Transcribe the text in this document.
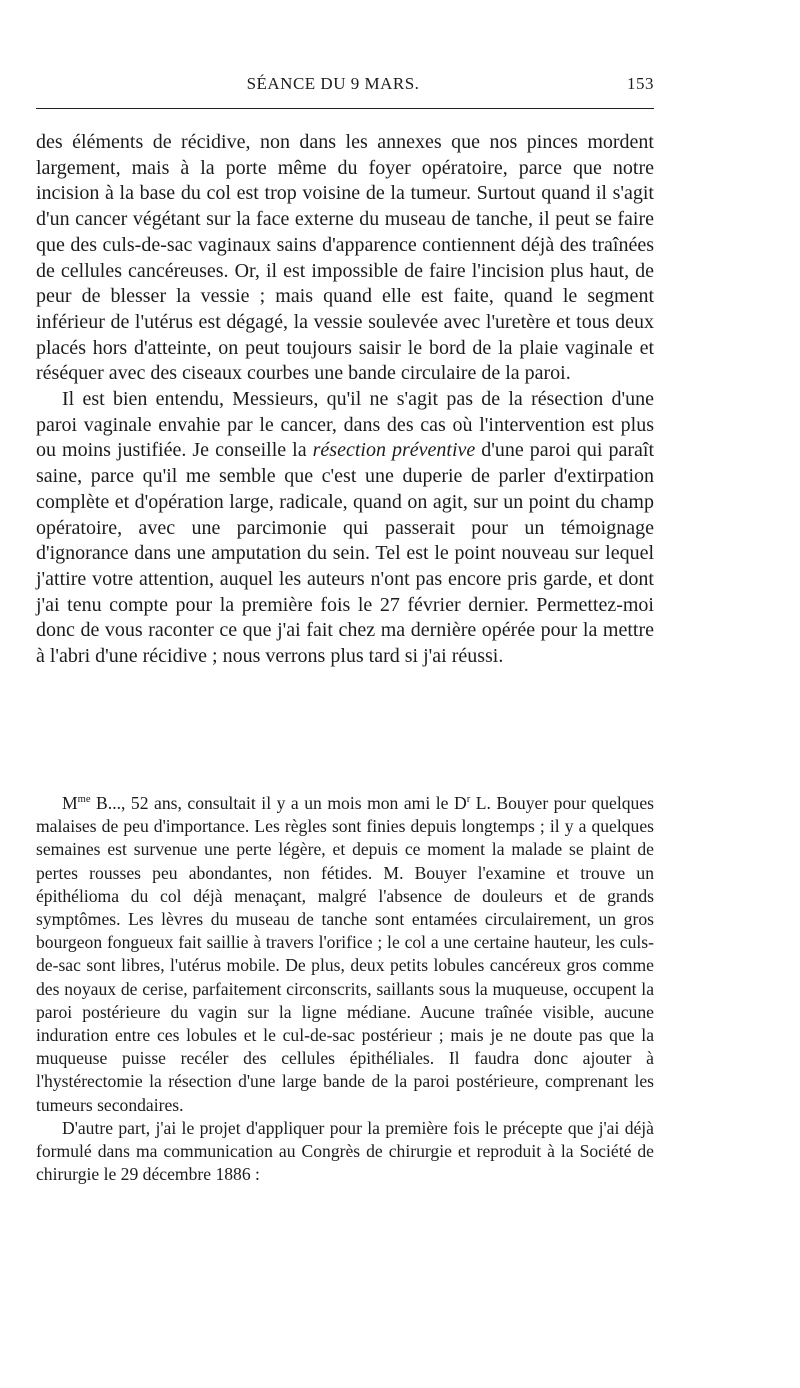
SÉANCE DU 9 MARS.	153

des éléments de récidive, non dans les annexes que nos pinces mordent largement, mais à la porte même du foyer opératoire, parce que notre incision à la base du col est trop voisine de la tumeur. Surtout quand il s'agit d'un cancer végétant sur la face externe du museau de tanche, il peut se faire que des culs-de-sac vaginaux sains d'apparence contiennent déjà des traînées de cellules cancéreuses. Or, il est impossible de faire l'incision plus haut, de peur de blesser la vessie ; mais quand elle est faite, quand le segment inférieur de l'utérus est dégagé, la vessie soulevée avec l'uretère et tous deux placés hors d'atteinte, on peut toujours saisir le bord de la plaie vaginale et réséquer avec des ciseaux courbes une bande circulaire de la paroi.

Il est bien entendu, Messieurs, qu'il ne s'agit pas de la résection d'une paroi vaginale envahie par le cancer, dans des cas où l'intervention est plus ou moins justifiée. Je conseille la résection préventive d'une paroi qui paraît saine, parce qu'il me semble que c'est une duperie de parler d'extirpation complète et d'opération large, radicale, quand on agit, sur un point du champ opératoire, avec une parcimonie qui passerait pour un témoignage d'ignorance dans une amputation du sein. Tel est le point nouveau sur lequel j'attire votre attention, auquel les auteurs n'ont pas encore pris garde, et dont j'ai tenu compte pour la première fois le 27 février dernier. Permettez-moi donc de vous raconter ce que j'ai fait chez ma dernière opérée pour la mettre à l'abri d'une récidive ; nous verrons plus tard si j'ai réussi.

$M^{me}$ B..., 52 ans, consultait il y a un mois mon ami le $D^r$ L. Bouyer pour quelques malaises de peu d'importance. Les règles sont finies depuis longtemps ; il y a quelques semaines est survenue une perte légère, et depuis ce moment la malade se plaint de pertes rousses peu abondantes, non fétides. M. Bouyer l'examine et trouve un épithélioma du col déjà menaçant, malgré l'absence de douleurs et de grands symptômes. Les lèvres du museau de tanche sont entamées circulairement, un gros bourgeon fongueux fait saillie à travers l'orifice ; le col a une certaine hauteur, les culs-de-sac sont libres, l'utérus mobile. De plus, deux petits lobules cancéreux gros comme des noyaux de cerise, parfaitement circonscrits, saillants sous la muqueuse, occupent la paroi postérieure du vagin sur la ligne médiane. Aucune traînée visible, aucune induration entre ces lobules et le cul-de-sac postérieur ; mais je ne doute pas que la muqueuse puisse recéler des cellules épithéliales. Il faudra donc ajouter à l'hystérectomie la résection d'une large bande de la paroi postérieure, comprenant les tumeurs secondaires.

D'autre part, j'ai le projet d'appliquer pour la première fois le précepte que j'ai déjà formulé dans ma communication au Congrès de chirurgie et reproduit à la Société de chirurgie le 29 décembre 1886 :
